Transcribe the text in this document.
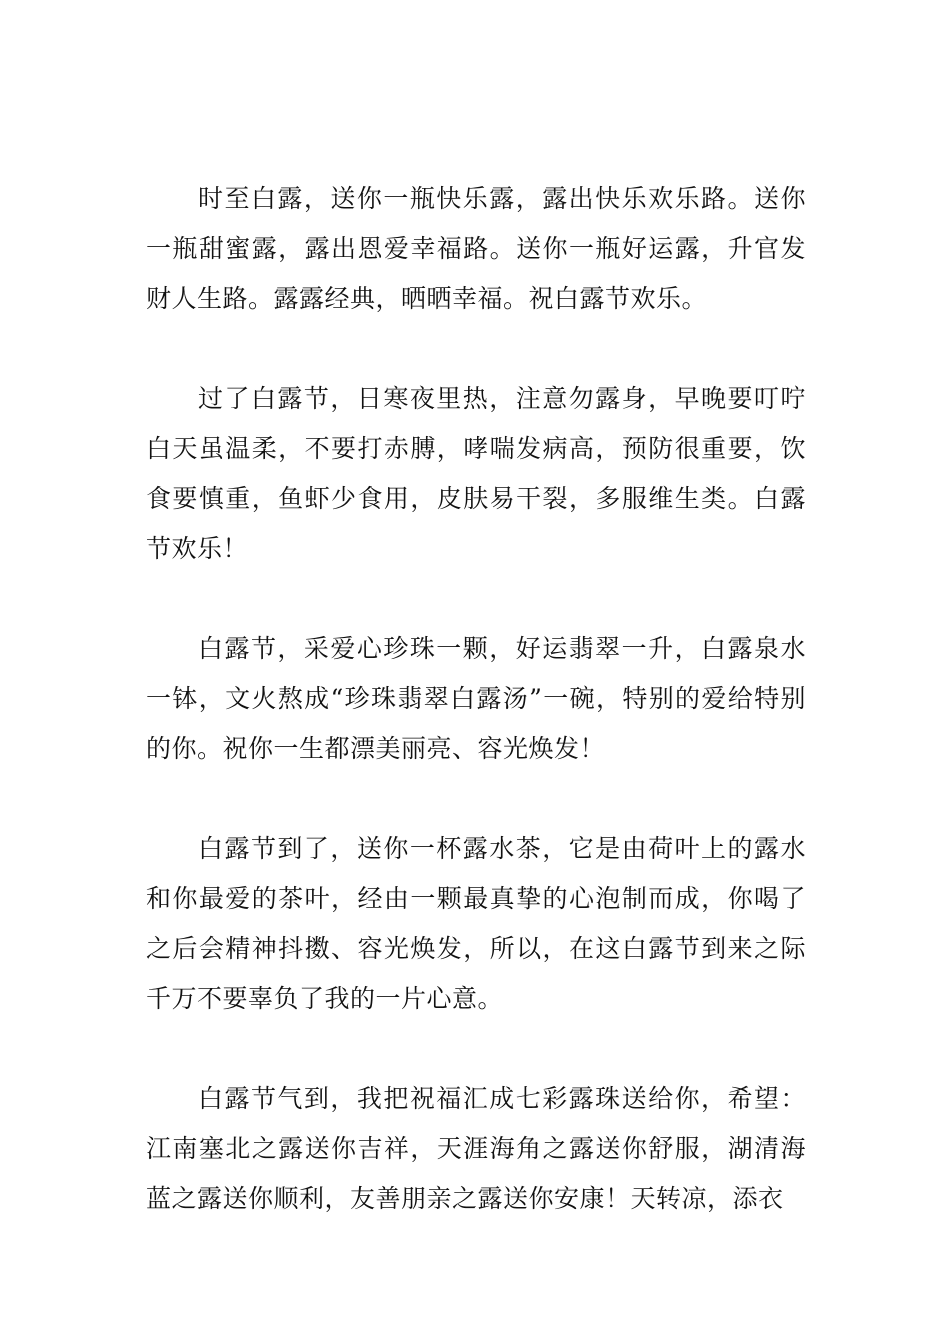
时至白露，送你一瓶快乐露，露出快乐欢乐路。送你一瓶甜蜜露，露出恩爱幸福路。送你一瓶好运露，升官发财人生路。露露经典，晒晒幸福。祝白露节欢乐。

过了白露节，日寒夜里热，注意勿露身，早晚要叮咛白天虽温柔，不要打赤膊，哮喘发病高，预防很重要，饮食要慎重，鱼虾少食用，皮肤易干裂，多服维生类。白露节欢乐！

白露节，采爱心珍珠一颗，好运翡翠一升，白露泉水一钵，文火熬成“珍珠翡翠白露汤”一碗，特别的爱给特别的你。祝你一生都漂美丽亮、容光焕发！

白露节到了，送你一杯露水茶，它是由荷叶上的露水和你最爱的茶叶，经由一颗最真挚的心泡制而成，你喝了之后会精神抖擞、容光焕发，所以，在这白露节到来之际千万不要辜负了我的一片心意。

白露节气到，我把祝福汇成七彩露珠送给你，希望：江南塞北之露送你吉祥，天涯海角之露送你舒服，湖清海蓝之露送你顺利，友善朋亲之露送你安康！天转凉，添衣
